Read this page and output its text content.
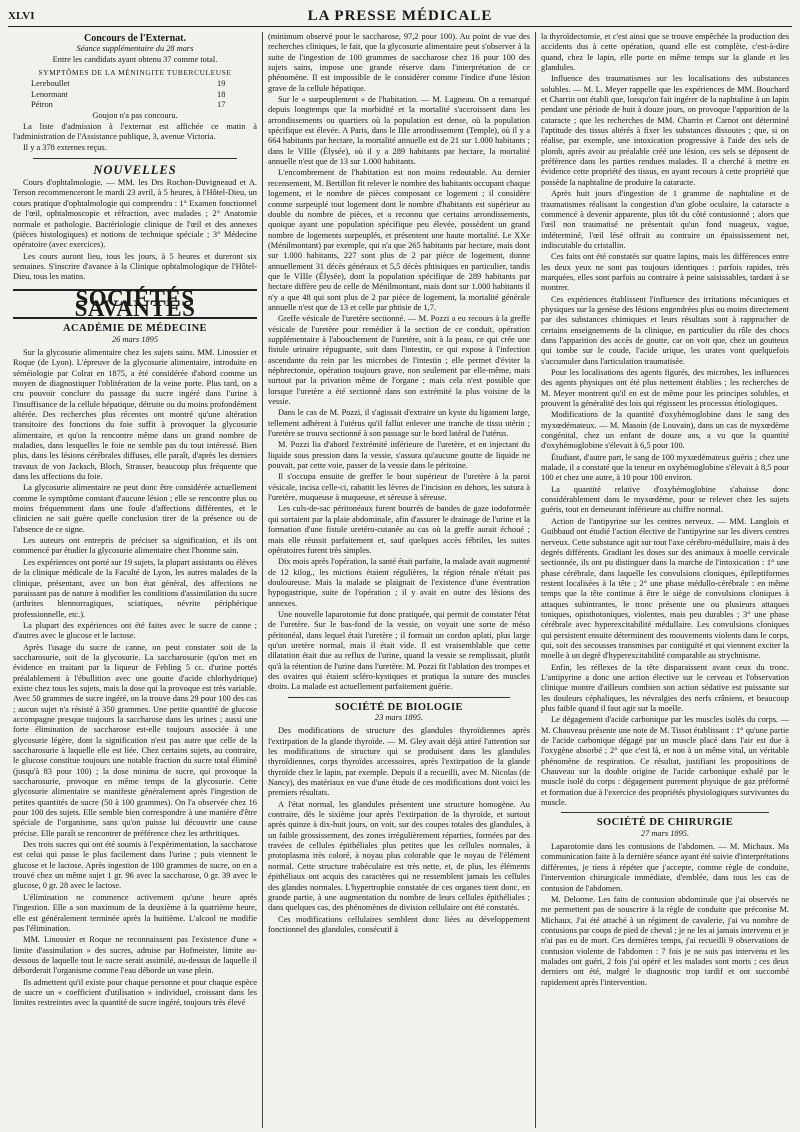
XLVI	LA PRESSE MÉDICALE

Concours de l'Externat.

Séance supplémentaire du 28 mars

Entre les candidats ayant obtenu 37 comme total.

SYMPTÔMES DE LA MÉNINGITE TUBERCULEUSE

Lereboullet	19
Lenormant	18
Pétron	17

Goujon n'a pas concouru.

La liste d'admission à l'externat est affichée ce matin à l'administration de l'Assistance publique, 3, avenue Victoria.

Il y a 378 externes reçus.

NOUVELLES

Cours d'ophtalmologie. — MM. les Drs Rochon-Duvigneaud et A. Terson recommenceront le mardi 23 avril, à 5 heures, à l'Hôtel-Dieu, un cours pratique d'ophtalmologie qui comprendra : 1° Examen fonctionnel de l'œil, ophtalmoscopie et réfraction, avec malades ; 2° Anatomie normale et pathologie. Bactériologie clinique de l'œil et des annexes (pièces histologiques) et notions de technique spéciale ; 3° Médecine opératoire (avec exercices).

Les cours auront lieu, tous les jours, à 5 heures et dureront six semaines. S'inscrire d'avance à la Clinique ophtalmologique de l'Hôtel-Dieu, tous les matins.

SOCIÉTÉS SAVANTES

ACADÉMIE DE MÉDECINE

26 mars 1895

Sur la glycosurie alimentaire chez les sujets sains. MM. Linossier et Roque (de Lyon). L'épreuve de la glycosurie alimentaire, introduite en séméiologie par Colrat en 1875, a été considérée d'abord comme un moyen de diagnostiquer l'oblitération de la veine porte. Plus tard, on a cru pouvoir conclure du passage du sucre ingéré dans l'urine à l'insuffisance de la cellule hépatique, détruite ou du moins profondément altérée. Des recherches plus récentes ont montré qu'une altération transitoire des fonctions du foie suffit à provoquer la glycosurie alimentaire, et qu'on la rencontre même dans un grand nombre de maladies, dans lesquelles le foie ne semble pas du tout intéressé. Bien plus, dans les lésions cérébrales diffuses, elle paraît, d'après les derniers travaux de von Jacksch, Bloch, Strasser, beaucoup plus fréquente que dans les affections du foie.

La glycosurie alimentaire ne peut donc être considérée actuellement comme le symptôme constant d'aucune lésion ; elle se rencontre plus ou moins fréquemment dans une foule d'affections différentes, et le clinicien ne sait guère quelle conclusion tirer de la présence ou de l'absence de ce signe.

Les auteurs ont entrepris de préciser sa signification, et ils ont commencé par étudier la glycosurie alimentaire chez l'homme sain.

Les expériences ont porté sur 19 sujets, la plupart assistants ou élèves de la clinique médicale de la Faculté de Lyon, les autres malades de la clinique, présentant, avec un bon état général, des affections ne paraissant pas de nature à modifier les conditions d'assimilation du sucre (arthrites blennorragiques, sciatiques, névrite périphérique professionnelle, etc.).

La plupart des expériences ont été faites avec le sucre de canne ; d'autres avec le glucose et le lactose.

Après l'usage du sucre de canne, on peut constater soit de la saccharosurie, soit de la glycosurie. La saccharosurie (qu'on met en évidence en traitant par la liqueur de Fehling 5 cc. d'urine portés préalablement à l'ébullition avec une goutte d'acide chlorhydrique) existe chez tous les sujets, mais la dose qui la provoque est très variable. Avec 50 grammes de sucre ingéré, on la trouve dans 29 pour 100 des cas ; aucun sujet n'a résisté à 350 grammes. Une petite quantité de glucose accompagne presque toujours la saccharose dans les urines ; aussi une forte élimination de saccharose est-elle toujours associée à une glycosurie légère, dont la signification n'est pas autre que celle de la saccharosurie à laquelle elle est liée. Chez certains sujets, au contraire, le glucose constitue toujours une notable fraction du sucre total éliminé (jusqu'à 83 pour 100) ; la dose minima de sucre, qui provoque la saccharosurie, provoque en même temps de la glycosurie. Cette glycosurie alimentaire se manifeste généralement après l'ingestion de petites quantités de sucre (50 à 100 grammes). On l'a observée chez 16 pour 100 des sujets. Elle semble bien correspondre à une manière d'être spéciale de l'organisme, sans qu'on puisse lui découvrir une cause précise. Elle paraît se rencontrer de préférence chez les arthritiques.

Des trois sucres qui ont été soumis à l'expérimentation, la saccharose est celui qui passe le plus facilement dans l'urine ; puis viennent le glucose et le lactose. Après ingestion de 100 grammes de sucre, on en a trouvé chez un même sujet 1 gr. 96 avec la saccharose, 0 gr. 39 avec le glucose, 0 gr. 28 avec le lactose.

L'élimination ne commence activement qu'une heure après l'ingestion. Elle a son maximum de la deuxième à la quatrième heure, elle est généralement terminée après la huitième. L'alcool ne modifie pas l'élimination.

MM. Linossier et Roque ne reconnaissent pas l'existence d'une « limite d'assimilation » des sucres, admise par Hofmeister, limite au-dessous de laquelle tout le sucre serait assimilé, au-dessus de laquelle il déborderait l'organisme comme l'eau déborde un vase plein.

Ils admettent qu'il existe pour chaque personne et pour chaque espèce de sucre un « coefficient d'utilisation » individuel, croissant dans les limites restreintes avec la quantité de sucre ingéré, toujours très élevé

(minimum observé pour le saccharose, 97,2 pour 100). Au point de vue des recherches cliniques, le fait, que la glycosurie alimentaire peut s'observer à la suite de l'ingestion de 100 grammes de saccharose chez 16 pour 100 des sujets sains, impose une grande réserve dans l'interprétation de ce phénomène. Il est impossible de le considérer comme l'indice d'une lésion grave de la cellule hépatique.

Sur le « surpeuplement » de l'habitation. — M. Lagneau. On a remarqué depuis longtemps que la morbidité et la mortalité s'accroissent dans les arrondissements ou quartiers où la population est dense, où la population spécifique est élevée. A Paris, dans le IIIe arrondissement (Temple), où il y a 664 habitants par hectare, la mortalité annuelle est de 21 sur 1.000 habitants ; dans le VIIIe (Élysée), où il y a 289 habitants par hectare, la mortalité annuelle n'est que de 13 sur 1.000 habitants.

L'encombrement de l'habitation est non moins redoutable. Au dernier recensement, M. Bertillon fit relever le nombre des habitants occupant chaque logement, et le nombre de pièces composant ce logement ; il considère comme surpeuplé tout logement dont le nombre d'habitants est supérieur au double du nombre de pièces, et a reconnu que certains arrondissements, quoique ayant une population spécifique peu élevée, possèdent un grand nombre de logements surpeuplés, et présentent une haute mortalité. Le XXe (Ménilmontant) par exemple, qui n'a que 265 habitants par hectare, mais dont sur 1.000 habitants, 227 sont plus de 2 par pièce de logement, donne annuellement 31 décès généraux et 5,5 décès phtisiques en particulier, tandis que le VIIIe (Élysée), dont la population spécifique de 289 habitants par hectare diffère peu de celle de Ménilmontant, mais dont sur 1.000 habitants il n'y a que 48 qui sont plus de 2 par pièce de logement, la mortalité générale annuelle n'est que de 13 et celle par phtisie de 1,7.

Greffe vésicale de l'uretère sectionné. — M. Pozzi a eu recours à la greffe vésicale de l'uretère pour remédier à la section de ce conduit, opération supplémentaire à l'abouchement de l'uretère, soit à la peau, ce qui crée une fistule urinaire répugnante, soit dans l'intestin, ce qui expose à l'infection ascendante du rein par les microbes de l'intestin ; elle permet d'éviter la néphrectomie, opération toujours grave, non seulement par elle-même, mais surtout par la privation même de l'organe ; mais cela n'est possible que lorsque l'uretère a été sectionné dans son extrémité la plus voisine de la vessie.

Dans le cas de M. Pozzi, il s'agissait d'extraire un kyste du ligament large, tellement adhérent à l'utérus qu'il fallut enlever une tranche de tissu utérin ; l'uretère se trouva sectionné à son passage sur le bord latéral de l'utérus.

M. Pozzi lia d'abord l'extrémité inférieure de l'uretère, et en injectant du liquide sous pression dans la vessie, s'assura qu'aucune goutte de liquide ne pouvait, par cette voie, passer de la vessie dans le péritoine.

Il s'occupa ensuite de greffer le bout supérieur de l'uretère à la paroi vésicale, incisa celle-ci, rabattit les lèvres de l'incision en dehors, les sutura à l'uretère, muqueuse à muqueuse, et séreuse à séreuse.

Les culs-de-sac péritonéaux furent bourrés de bandes de gaze iodoformée qui sortaient par la plaie abdominale, afin d'assurer le drainage de l'urine et la formation d'une fistule uretéro-cutanée au cas où la greffe aurait échoué ; mais elle réussit parfaitement et, sauf quelques accès fébriles, les suites opératoires furent très simples.

Dix mois après l'opération, la santé était parfaite, la malade avait augmenté de 12 kilog., les mictions étaient régulières, la région rénale n'était pas douloureuse. Mais la malade se plaignait de l'existence d'une éventration hypogastrique, suite de l'opération ; il y avait en outre des lésions des annexes.

Une nouvelle laparotomie fut donc pratiquée, qui permit de constater l'état de l'uretère. Sur le bas-fond de la vessie, on voyait une sorte de méso péritonéal, dans lequel était l'uretère ; il formait un cordon aplati, plus large qu'un uretère normal, mais il était vide. Il est vraisemblable que cette dilatation était due au reflux de l'urine, quand la vessie se remplissait, plutôt qu'à la rétention de l'urine dans l'uretère. M. Pozzi fit l'ablation des trompes et des ovaires qui étaient scléro-kystiques et pratiqua la suture des muscles droits. La malade est actuellement parfaitement guérie.

SOCIÉTÉ DE BIOLOGIE

23 mars 1895.

Des modifications de structure des glandules thyroïdiennes après l'extirpation de la glande thyroïde. — M. Gley avait déjà attiré l'attention sur les modifications de structure qui se produisent dans les glandules thyroïdiennes, corps thyroïdes accessoires, après l'extirpation de la glande thyroïde chez le lapin, par exemple. Depuis il a recueilli, avec M. Nicolas (de Nancy), des matériaux en vue d'une étude de ces modifications dont voici les premiers résultats.

A l'état normal, les glandules présentent une structure homogène. Au contraire, dès le sixième jour après l'extirpation de la thyroïde, et surtout après quinze à dix-huit jours, on voit, sur des coupes totales des glandules, à un faible grossissement, des zones irrégulièrement réparties, formées par des travées de cellules épithéliales plus petites que les cellules normales, à protoplasma très coloré, à noyau plus colorable que le noyau de l'élément normal. Cette structure trabéculaire est très nette, et, de plus, les éléments épithéliaux ont acquis des caractères qui ne ressemblent jamais les cellules des glandes normales. L'hypertrophie constatée de ces organes tient donc, en grande partie, à une augmentation du nombre de leurs cellules épithéliales ; dans quelques cas, des phénomènes de division cellulaire ont été constatés.

Ces modifications cellulaires semblent donc liées au développement fonctionnel des glandules, consécutif à

la thyroïdectomie, et c'est ainsi que se trouve empêchée la production des accidents dus à cette opération, quand elle est complète, c'est-à-dire quand, chez le lapin, elle porte en même temps sur la glande et les glandules.

Influence des traumatismes sur les localisations des substances solubles. — M. L. Meyer rappelle que les expériences de MM. Bouchard et Charrin ont établi que, lorsqu'on fait ingérer de la naphtaline à un lapin pendant une période de huit à douze jours, on provoque l'apparition de la cataracte ; que les recherches de MM. Charrin et Carnot ont déterminé l'aptitude des tissus altérés à fixer les substances dissoutes ; que, si on réalise, par exemple, une intoxication progressive à l'aide des sels de plomb, après avoir au préalable créé une lésion, ces sels se déposent de préférence dans les parties rendues malades. Il a cherché à mettre en évidence cette propriété des tissus, en ayant recours à cette propriété que possède la naphtaline de produire la cataracte.

Après huit jours d'ingestion de 1 gramme de naphtaline et de traumatismes réalisant la congestion d'un globe oculaire, la cataracte a commencé à devenir apparente, plus tôt du côté contusionné ; alors que l'œil non traumatisé ne présentait qu'un fond nuageux, vague, indéterminé, l'œil lésé offrait au contraire un épaississement net, indiscutable du cristallin.

Ces faits ont été constatés sur quatre lapins, mais les différences entre les deux yeux ne sont pas toujours identiques : parfois rapides, très marquées, elles sont parfois au contraire à peine saisissables, tardant à se montrer.

Ces expériences établissent l'influence des irritations mécaniques et physiques sur la genèse des lésions engendrées plus ou moins directement par des substances chimiques et leurs résultats sont à rapprocher de certains enseignements de la clinique, en particulier du rôle des chocs dans l'apparition des accès de goutte, car on voit que, chez un goutteux qui tombe sur le coude, l'acide urique, les urates vont quelquefois s'accumuler dans l'articulation traumatisée.

Pour les localisations des agents figurés, des microbes, les influences des agents physiques ont été plus nettement établies ; les recherches de M. Meyer montrent qu'il en est de même pour les principes solubles, et prouvent la généralité des lois qui régissent les processus étiologiques.

Modifications de la quantité d'oxyhémoglobine dans le sang des myxœdémateux. — M. Masoin (de Louvain), dans un cas de myxœdème congénital, chez un enfant de douze ans, a vu que la quantité d'oxyhémoglobine s'élevait à 6,5 pour 100.

Étudiant, d'autre part, le sang de 100 myxœdémateux guéris ; chez une malade, il a constaté que la teneur en oxyhémoglobine s'élevait à 8,5 pour 100 et chez une autre, à 10 pour 100 environ.

La quantité relative d'oxyhémoglobine s'abaisse donc considérablement dans le myxœdème, pour se relever chez les sujets guéris, tout en demeurant inférieure au chiffre normal.

Action de l'antipyrine sur les centres nerveux. — MM. Langlois et Guibbaud ont étudié l'action élective de l'antipyrine sur les divers centres nerveux. Cette substance agit sur tout l'axe cérébro-médullaire, mais à des degrés différents. Gradiant les doses sur des animaux à moelle cervicale sectionnée, ils ont pu distinguer dans la marche de l'intoxication : 1° une phase cérébrale, dans laquelle les convulsions cloniques, épileptiformes restent localisées à la tête ; 2° une phase médullo-cérébrale : en même temps que la tête continue à être le siège de convulsions cloniques à attaques subintrantes, le tronc présente une ou plusieurs attaques toniques, opisthotoniques, violentes, mais peu durables ; 3° une phase cérébrale avec hyperexcitabilité médullaire. Les convulsions cloniques qui persistent ensuite déterminent des mouvements violents dans le corps, qui, soit des secousses transmises par contiguïté et qui viennent exciter la moelle à un degré d'hyperexcitabilité comparable au strychnisme.

Enfin, les réflexes de la tête disparaissent avant ceux du tronc. L'antipyrine a donc une action élective sur le cerveau et l'observation clinique montre d'ailleurs combien son action sédative est puissante sur les douleurs céphaliques, les névralgies des nerfs crâniens, et beaucoup plus faible quand il faut agir sur la moelle.

Le dégagement d'acide carbonique par les muscles isolés du corps. — M. Chauveau présente une note de M. Tissot établissant : 1° qu'une partie de l'acide carbonique dégagé par un muscle placé dans l'air est due à l'oxygène absorbé ; 2° que c'est là, et non à un même vital, un véritable phénomène de respiration. Ce résultat, justifiant les propositions de Chauveau sur la double origine de l'acide carbonique exhalé par le muscle isolé du corps : dégagement purement physique de gaz préformé et formation due à l'exercice des propriétés physiologiques survivantes du muscle.

SOCIÉTÉ DE CHIRURGIE

27 mars 1895.

Laparotomie dans les contusions de l'abdomen. — M. Michaux. Ma communication faite à la dernière séance ayant été suivie d'interprétations différentes, je tiens à répéter que j'accepte, comme règle de conduite, l'intervention chirurgicale immédiate, d'emblée, dans tous les cas de contusion de l'abdomen.

M. Delorme. Les faits de contusion abdominale que j'ai observés ne me permettent pas de souscrire à la règle de conduite que préconise M. Michaux. J'ai été attaché à un régiment de cavalerie, j'ai vu nombre de contusions par coups de pied de cheval ; je ne les ai jamais intervenu et je n'ai pas eu de mort. Ces dernières temps, j'ai recueilli 9 observations de contusion violente de l'abdomen : 7 fois je ne suis pas intervenu et les malades ont guéri, 2 fois j'ai opéré et les malades sont morts ; ces deux derniers ont été, malgré le diagnostic trop tardif et ont succombé rapidement après l'intervention.
